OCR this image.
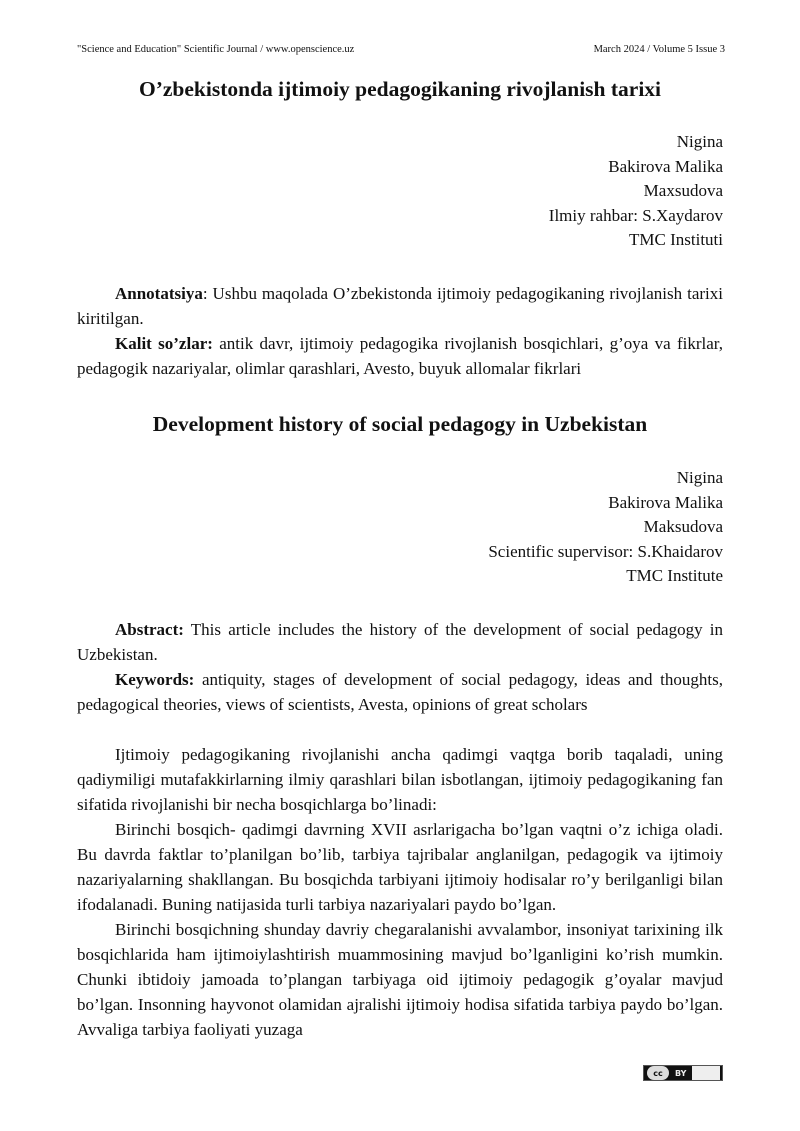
"Science and Education" Scientific Journal / www.openscience.uz	March 2024 / Volume 5 Issue 3
O’zbekistonda ijtimoiy pedagogikaning rivojlanish tarixi
Nigina
Bakirova Malika
Maxsudova
Ilmiy rahbar: S.Xaydarov
TMC Instituti

Annotatsiya: Ushbu maqolada O’zbekistonda ijtimoiy pedagogikaning rivojlanish tarixi kiritilgan.

Kalit so’zlar: antik davr, ijtimoiy pedagogika rivojlanish bosqichlari, g’oya va fikrlar, pedagogik nazariyalar, olimlar qarashlari, Avesto, buyuk allomalar fikrlari

Development history of social pedagogy in Uzbekistan
Nigina
Bakirova Malika
Maksudova
Scientific supervisor: S.Khaidarov
TMC Institute

Abstract: This article includes the history of the development of social pedagogy in Uzbekistan.

Keywords: antiquity, stages of development of social pedagogy, ideas and thoughts, pedagogical theories, views of scientists, Avesta, opinions of great scholars

Ijtimoiy pedagogikaning rivojlanishi ancha qadimgi vaqtga borib taqaladi, uning qadiymiligi mutafakkirlarning ilmiy qarashlari bilan isbotlangan, ijtimoiy pedagogikaning fan sifatida rivojlanishi bir necha bosqichlarga bo’linadi:

Birinchi bosqich- qadimgi davrning XVII asrlarigacha bo’lgan vaqtni o’z ichiga oladi. Bu davrda faktlar to’planilgan bo’lib, tarbiya tajribalar anglanilgan, pedagogik va ijtimoiy nazariyalarning shakllangan. Bu bosqichda tarbiyani ijtimoiy hodisalar ro’y berilganligi bilan ifodalanadi. Buning natijasida turli tarbiya nazariyalari paydo bo’lgan.

Birinchi bosqichning shunday davriy chegaralanishi avvalambor, insoniyat tarixining ilk bosqichlarida ham ijtimoiylashtirish muammosining mavjud bo’lganligini ko’rish mumkin. Chunki ibtidoiy jamoada to’plangan tarbiyaga oid ijtimoiy pedagogik g’oyalar mavjud bo’lgan. Insonning hayvonot olamidan ajralishi ijtimoiy hodisa sifatida tarbiya paydo bo’lgan. Avvaliga tarbiya faoliyati yuzaga

cc	BY
